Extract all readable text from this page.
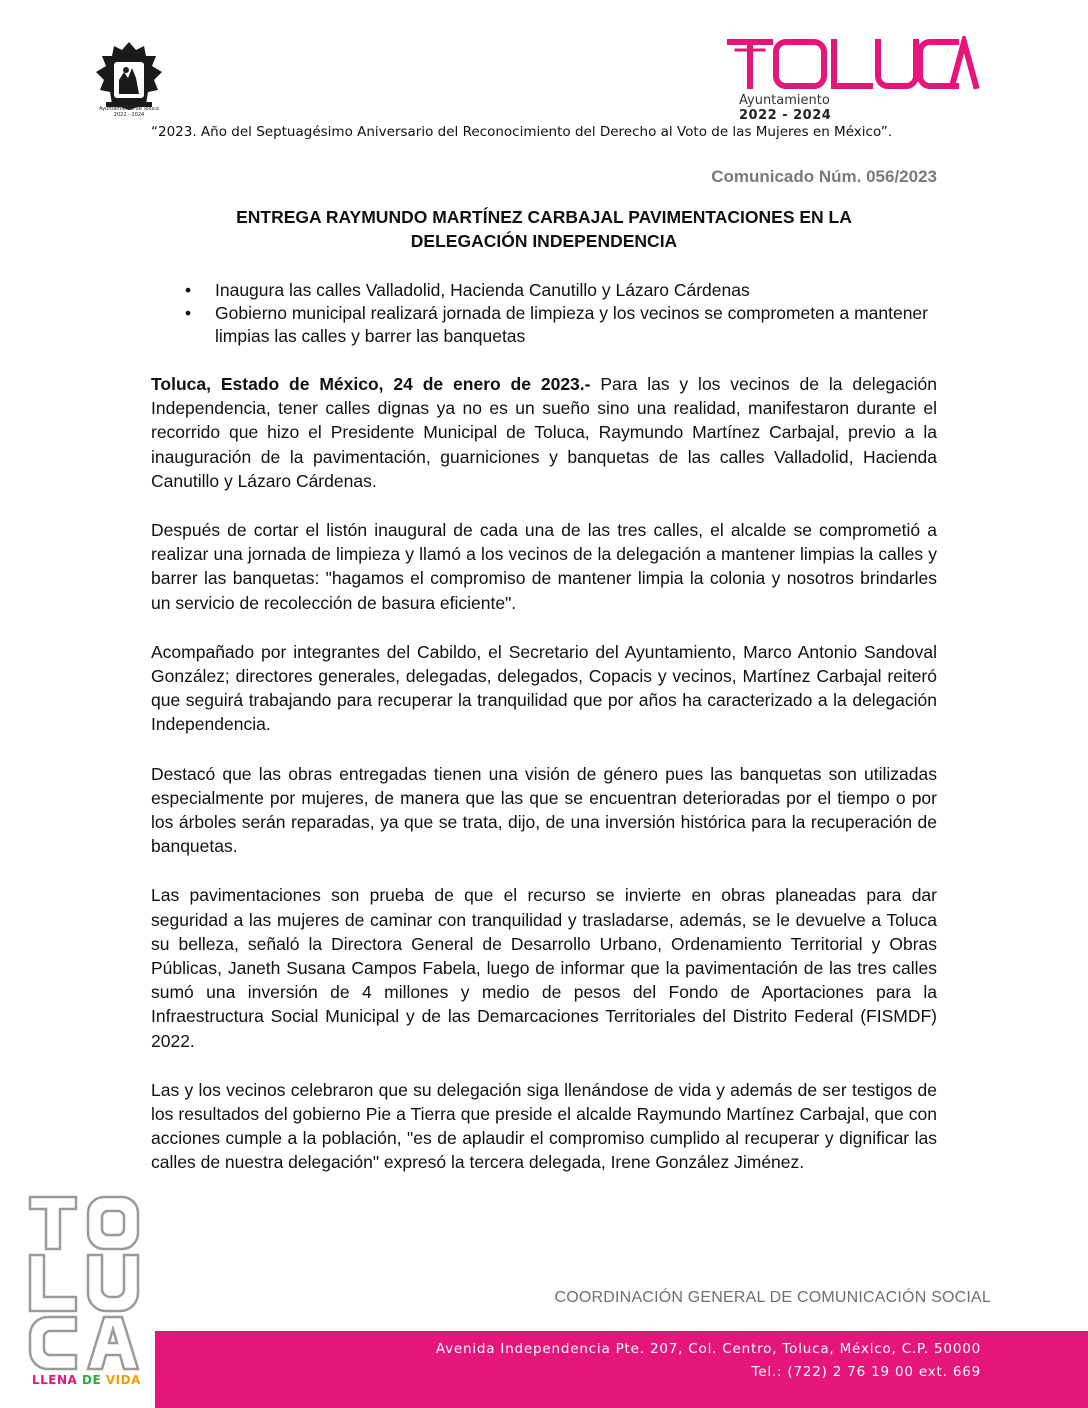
Ayuntamiento de Toluca
2022 - 2024
Ayuntamiento
2022 - 2024
“2023. Año del Septuagésimo Aniversario del Reconocimiento del Derecho al Voto de las Mujeres en México”.
Comunicado Núm. 056/2023
ENTREGA RAYMUNDO MARTÍNEZ CARBAJAL PAVIMENTACIONES EN LA
DELEGACIÓN INDEPENDENCIA
• Inaugura las calles Valladolid, Hacienda Canutillo y Lázaro Cárdenas
• Gobierno municipal realizará jornada de limpieza y los vecinos se comprometen a mantener limpias las calles y barrer las banquetas

Toluca, Estado de México, 24 de enero de 2023.- Para las y los vecinos de la delegación Independencia, tener calles dignas ya no es un sueño sino una realidad, manifestaron durante el recorrido que hizo el Presidente Municipal de Toluca, Raymundo Martínez Carbajal, previo a la inauguración de la pavimentación, guarniciones y banquetas de las calles Valladolid, Hacienda Canutillo y Lázaro Cárdenas.

Después de cortar el listón inaugural de cada una de las tres calles, el alcalde se comprometió a realizar una jornada de limpieza y llamó a los vecinos de la delegación a mantener limpias la calles y barrer las banquetas: "hagamos el compromiso de mantener limpia la colonia y nosotros brindarles un servicio de recolección de basura eficiente".

Acompañado por integrantes del Cabildo, el Secretario del Ayuntamiento, Marco Antonio Sandoval González; directores generales, delegadas, delegados, Copacis y vecinos, Martínez Carbajal reiteró que seguirá trabajando para recuperar la tranquilidad que por años ha caracterizado a la delegación Independencia.

Destacó que las obras entregadas tienen una visión de género pues las banquetas son utilizadas especialmente por mujeres, de manera que las que se encuentran deterioradas por el tiempo o por los árboles serán reparadas, ya que se trata, dijo, de una inversión histórica para la recuperación de banquetas.

Las pavimentaciones son prueba de que el recurso se invierte en obras planeadas para dar seguridad a las mujeres de caminar con tranquilidad y trasladarse, además, se le devuelve a Toluca su belleza, señaló la Directora General de Desarrollo Urbano, Ordenamiento Territorial y Obras Públicas, Janeth Susana Campos Fabela, luego de informar que la pavimentación de las tres calles sumó una inversión de 4 millones y medio de pesos del Fondo de Aportaciones para la Infraestructura Social Municipal y de las Demarcaciones Territoriales del Distrito Federal (FISMDF) 2022.

Las y los vecinos celebraron que su delegación siga llenándose de vida y además de ser testigos de los resultados del gobierno Pie a Tierra que preside el alcalde Raymundo Martínez Carbajal, que con acciones cumple a la población, "es de aplaudir el compromiso cumplido al recuperar y dignificar las calles de nuestra delegación" expresó la tercera delegada, Irene González Jiménez.

LLENA DE VIDA
COORDINACIÓN GENERAL DE COMUNICACIÓN SOCIAL
Avenida Independencia Pte. 207, Col. Centro, Toluca, México, C.P. 50000
Tel.: (722) 2 76 19 00 ext. 669
